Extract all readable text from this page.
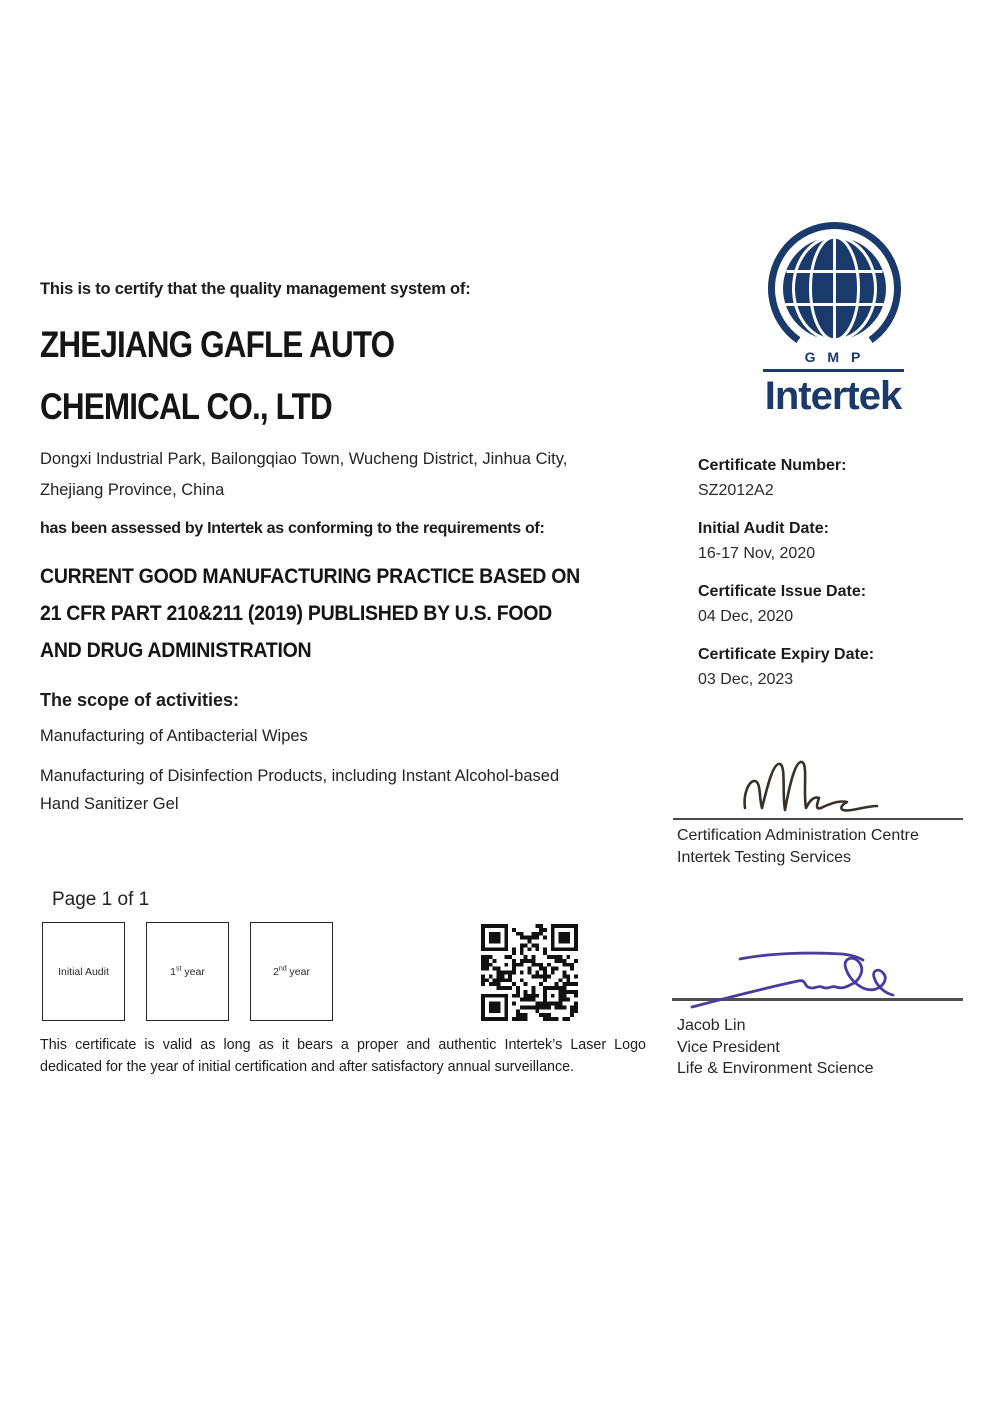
This is to certify that the quality management system of:
ZHEJIANG GAFLE AUTO
CHEMICAL CO., LTD
Dongxi Industrial Park, Bailongqiao Town, Wucheng District, Jinhua City,
Zhejiang Province, China
has been assessed by Intertek as conforming to the requirements of:
CURRENT GOOD MANUFACTURING PRACTICE BASED ON
21 CFR PART 210&211 (2019) PUBLISHED BY U.S. FOOD
AND DRUG ADMINISTRATION
The scope of activities:
Manufacturing of Antibacterial Wipes
Manufacturing of Disinfection Products, including Instant Alcohol-based
Hand Sanitizer Gel
Page 1 of 1
Initial Audit	1st year	2nd year
This certificate is valid as long as it bears a proper and authentic Intertek’s Laser Logo
dedicated for the year of initial certification and after satisfactory annual surveillance.
G M P
Intertek
Certificate Number:
SZ2012A2
Initial Audit Date:
16-17 Nov, 2020
Certificate Issue Date:
04 Dec, 2020
Certificate Expiry Date:
03 Dec, 2023
Certification Administration Centre
Intertek Testing Services
Jacob Lin
Vice President
Life & Environment Science
